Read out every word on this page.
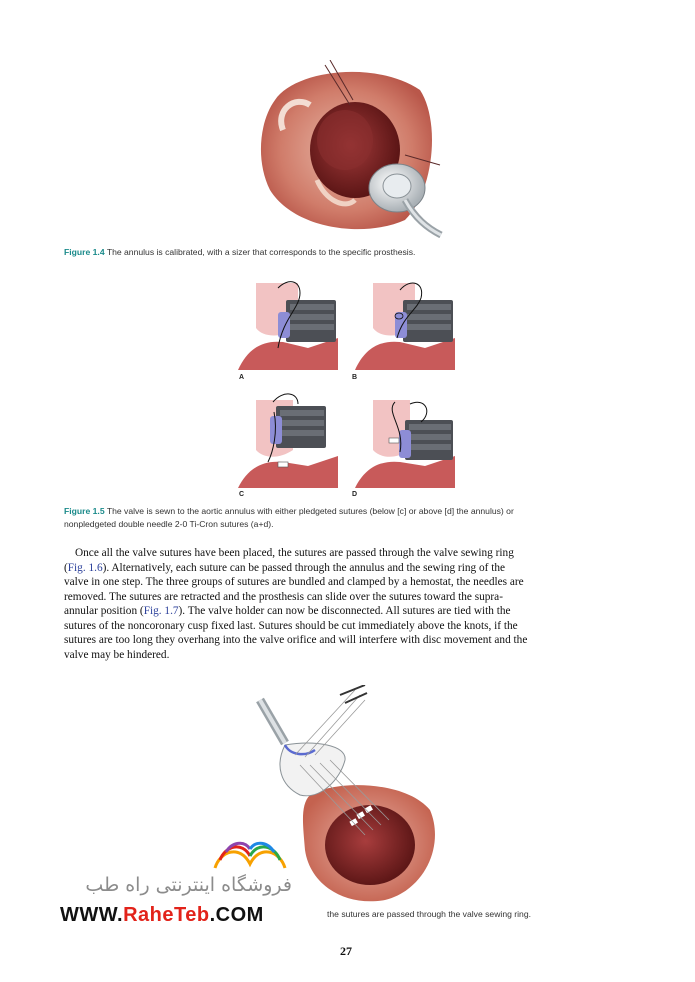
Figure 1.4 The annulus is calibrated, with a sizer that corresponds to the specific prosthesis.
A	B
C	D
Figure 1.5 The valve is sewn to the aortic annulus with either pledgeted sutures (below [c] or above [d] the annulus) or
nonpledgeted double needle 2-0 Ti-Cron sutures (a+d).
Once all the valve sutures have been placed, the sutures are passed through the valve sewing ring
(Fig. 1.6). Alternatively, each suture can be passed through the annulus and the sewing ring of the
valve in one step. The three groups of sutures are bundled and clamped by a hemostat, the needles are
removed. The sutures are retracted and the prosthesis can slide over the sutures toward the supra-
annular position (Fig. 1.7). The valve holder can now be disconnected. All sutures are tied with the
sutures of the noncoronary cusp fixed last. Sutures should be cut immediately above the knots, if the
sutures are too long they overhang into the valve orifice and will interfere with disc movement and the
valve may be hindered.
فروشگاه اینترنتی راه طب
the sutures are passed through the valve sewing ring.
WWW.RaheTeb.COM
27
